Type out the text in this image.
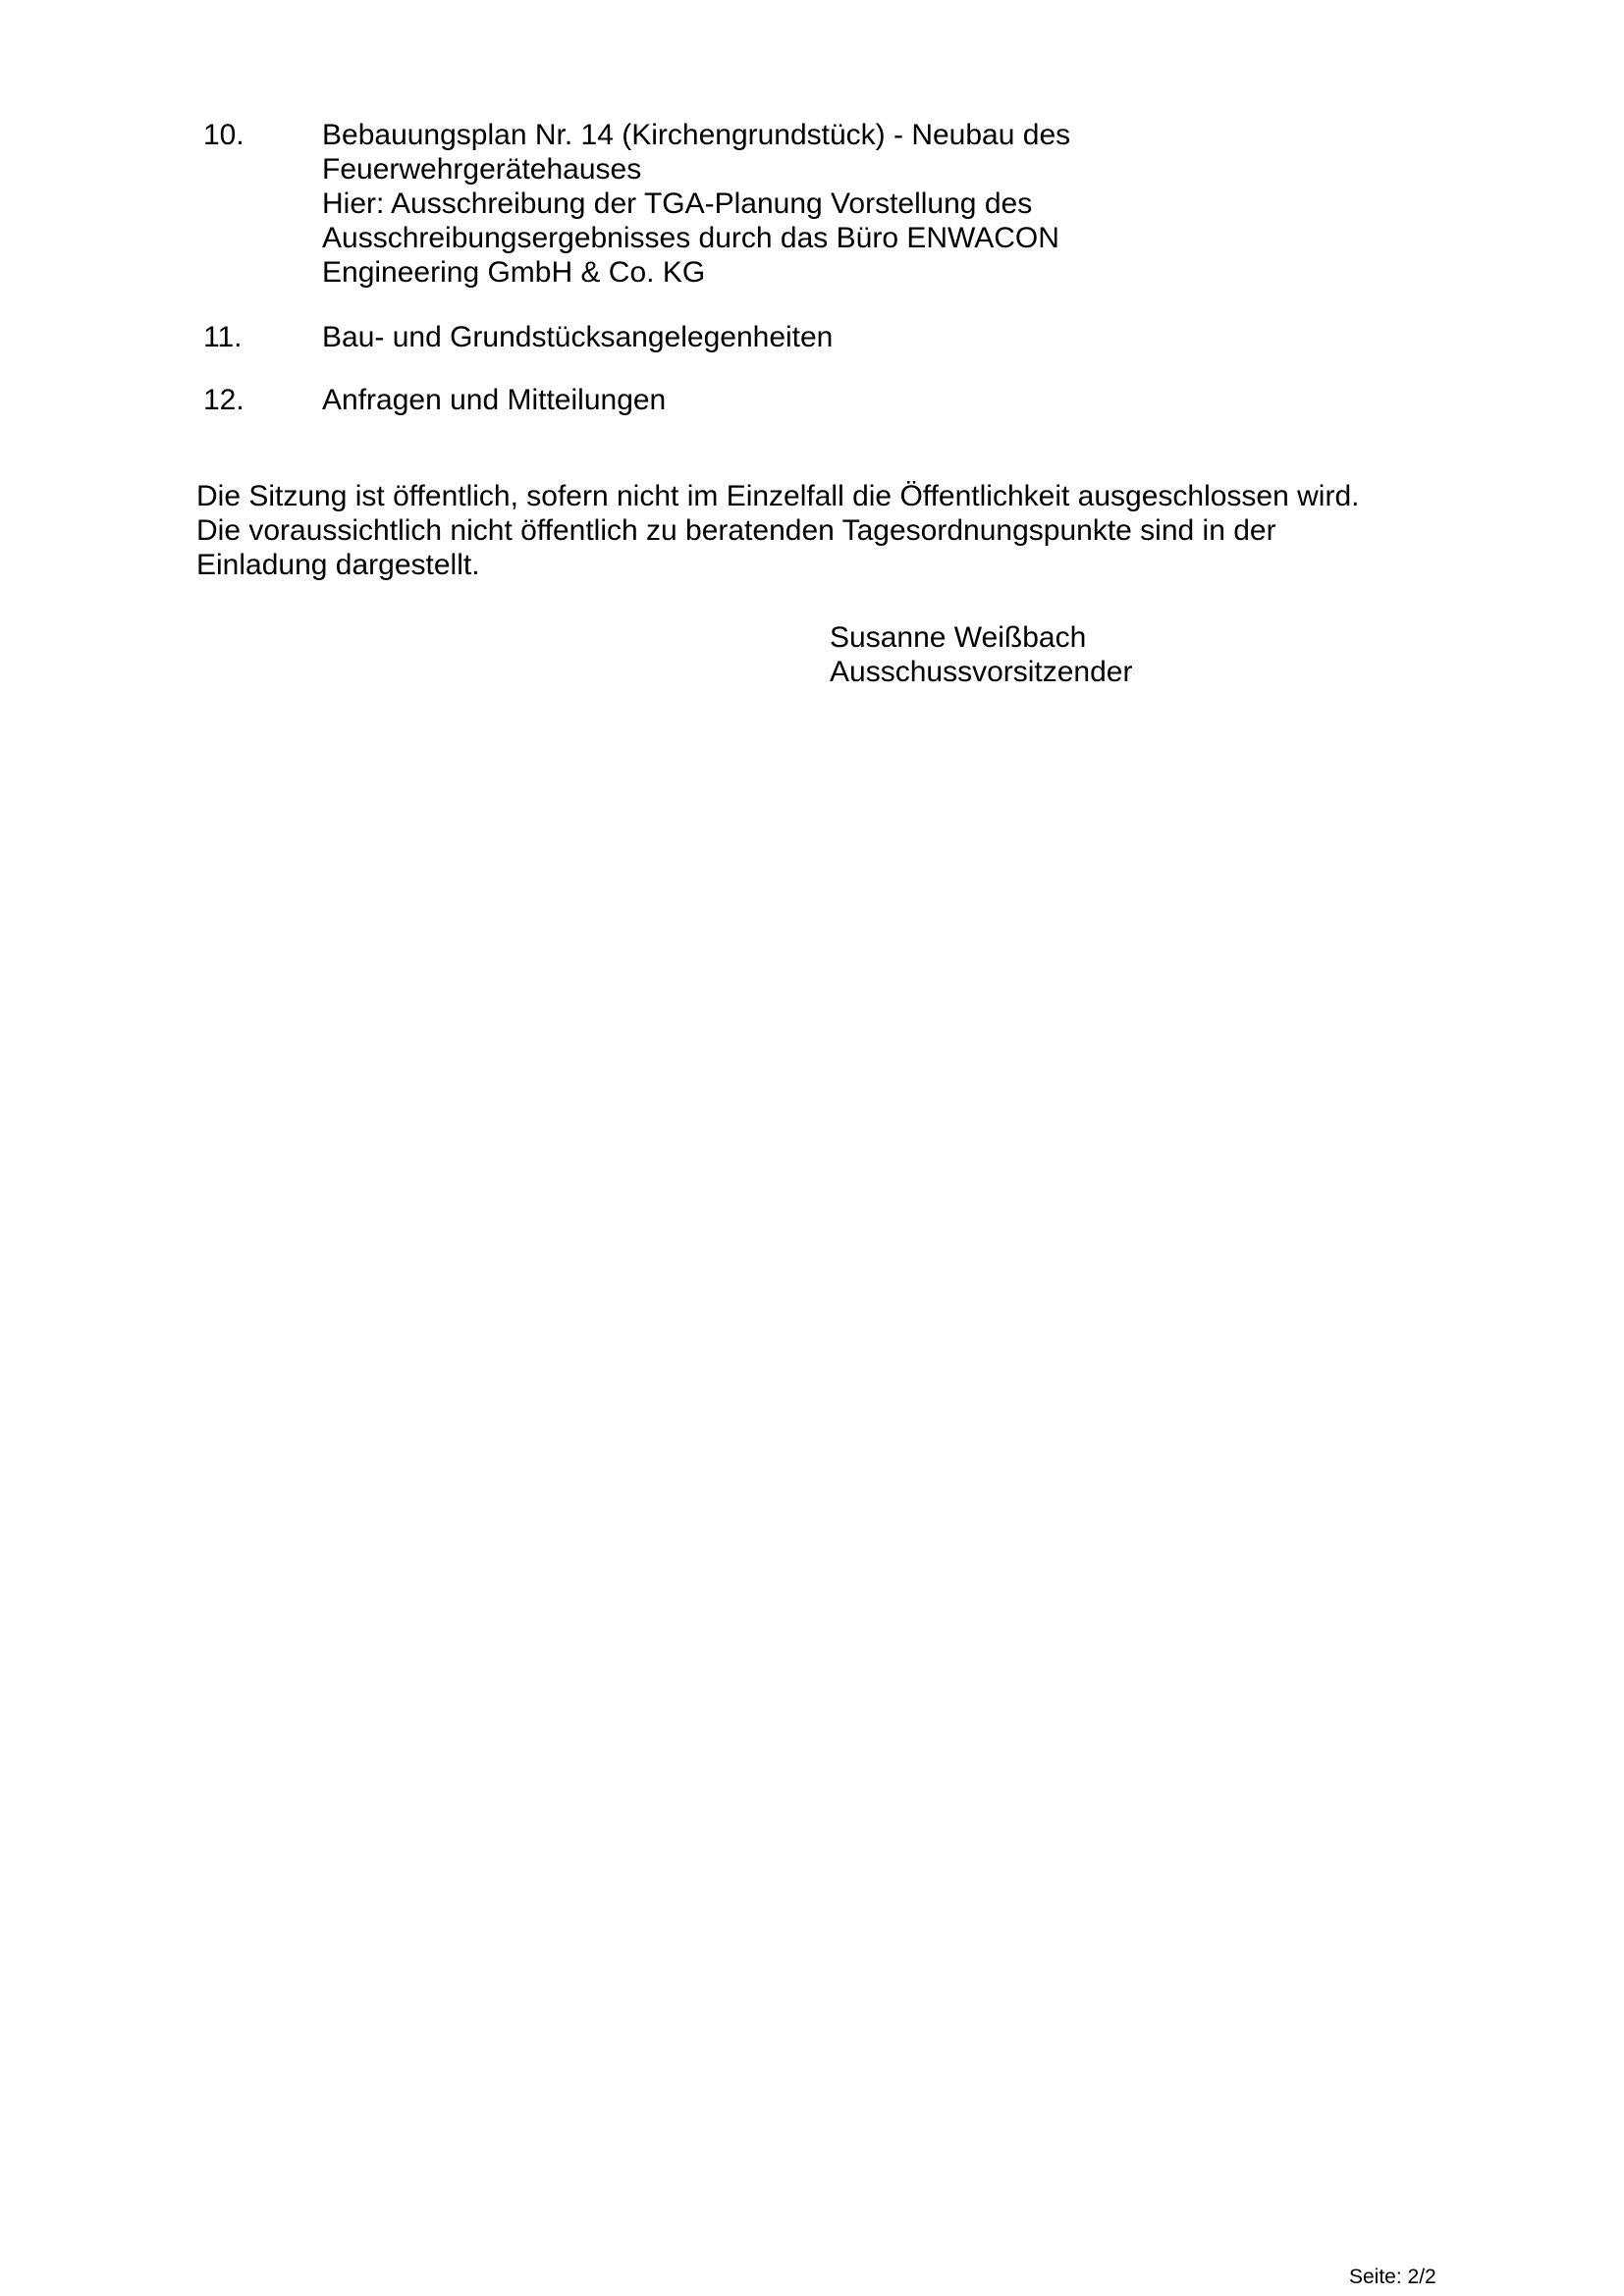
10.	Bebauungsplan Nr. 14 (Kirchengrundstück) - Neubau des
Feuerwehrgerätehauses
Hier: Ausschreibung der TGA-Planung Vorstellung des
Ausschreibungsergebnisses durch das Büro ENWACON
Engineering GmbH & Co. KG
11.	Bau- und Grundstücksangelegenheiten
12.	Anfragen und Mitteilungen
Die Sitzung ist öffentlich, sofern nicht im Einzelfall die Öffentlichkeit ausgeschlossen wird.
Die voraussichtlich nicht öffentlich zu beratenden Tagesordnungspunkte sind in der
Einladung dargestellt.
Susanne Weißbach
Ausschussvorsitzender
Seite: 2/2
